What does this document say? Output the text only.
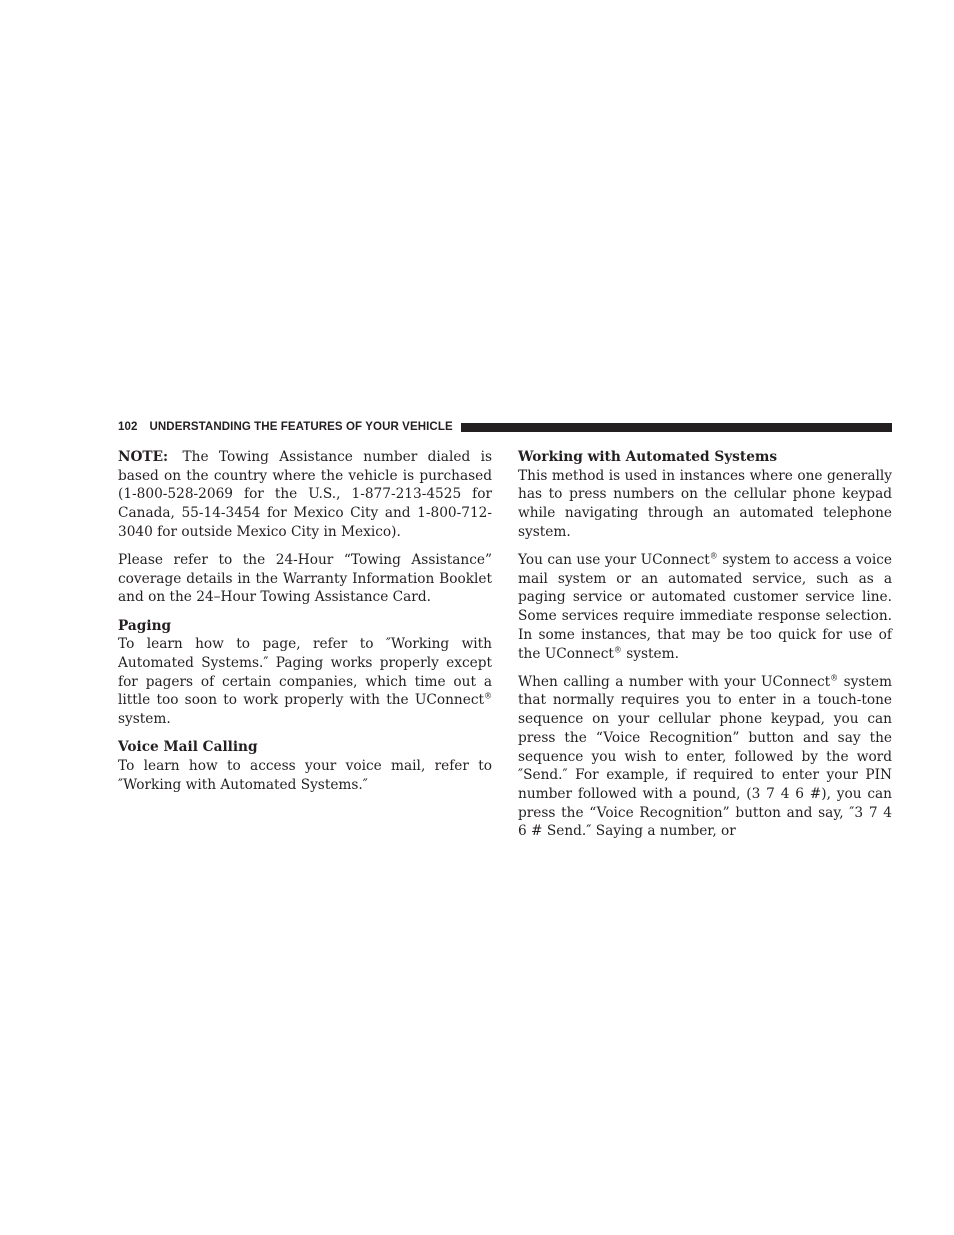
102 UNDERSTANDING THE FEATURES OF YOUR VEHICLE

NOTE: The Towing Assistance number dialed is based on the country where the vehicle is purchased (1-800-528-2069 for the U.S., 1-877-213-4525 for Canada, 55-14-3454 for Mexico City and 1-800-712-3040 for outside Mexico City in Mexico).

Please refer to the 24-Hour “Towing Assistance” coverage details in the Warranty Information Booklet and on the 24–Hour Towing Assistance Card.

Paging

To learn how to page, refer to ″Working with Automated Systems.″ Paging works properly except for pagers of certain companies, which time out a little too soon to work properly with the UConnect® system.

Voice Mail Calling

To learn how to access your voice mail, refer to ″Working with Automated Systems.″

Working with Automated Systems

This method is used in instances where one generally has to press numbers on the cellular phone keypad while navigating through an automated telephone system.

You can use your UConnect® system to access a voice mail system or an automated service, such as a paging service or automated customer service line. Some services require immediate response selection. In some instances, that may be too quick for use of the UConnect® system.

When calling a number with your UConnect® system that normally requires you to enter in a touch-tone sequence on your cellular phone keypad, you can press the “Voice Recognition” button and say the sequence you wish to enter, followed by the word ″Send.″ For example, if required to enter your PIN number followed with a pound, (3 7 4 6 #), you can press the “Voice Recognition” button and say, ″3 7 4 6 # Send.″ Saying a number, or
